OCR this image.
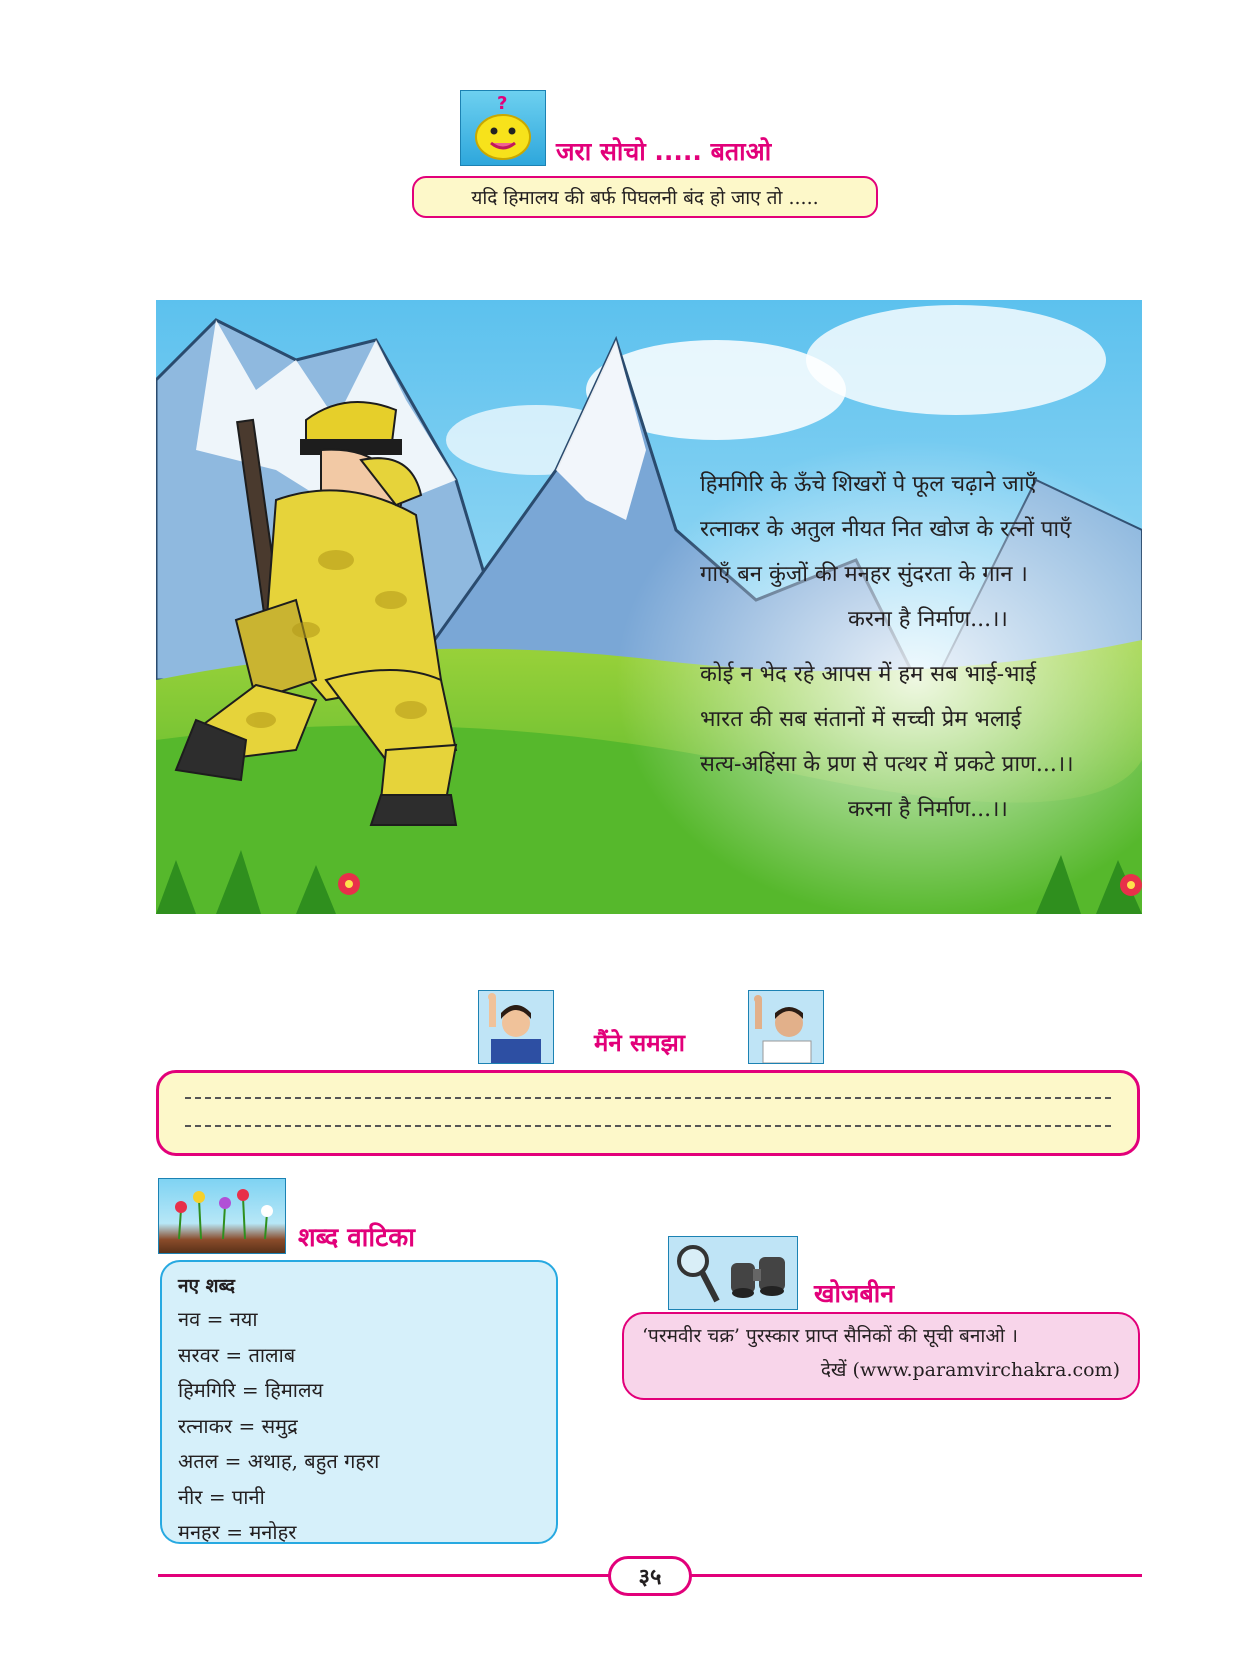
?
जरा सोचो ..... बताओ
यदि हिमालय की बर्फ पिघलनी बंद हो जाए तो .....
हिमगिरि के ऊँचे शिखरों पे फूल चढ़ाने जाएँ
रत्नाकर के अतुल नीयत नित खोज के रत्नों पाएँ
गाएँ बन कुंजों की मनहर सुंदरता के गान ।
करना है निर्माण...।।
कोई न भेद रहे आपस में हम सब भाई-भाई
भारत की सब संतानों में सच्ची प्रेम भलाई
सत्य-अहिंसा के प्रण से पत्थर में प्रकटे प्राण...।।
करना है निर्माण...।।
मैंने समझा
शब्द वाटिका
नए शब्द
नव = नया
सरवर = तालाब
हिमगिरि = हिमालय
रत्नाकर = समुद्र
अतल = अथाह, बहुत गहरा
नीर = पानी
मनहर = मनोहर
खोजबीन
‘परमवीर चक्र’ पुरस्कार प्राप्त सैनिकों की सूची बनाओ ।
देखें (www.paramvirchakra.com)
३५
